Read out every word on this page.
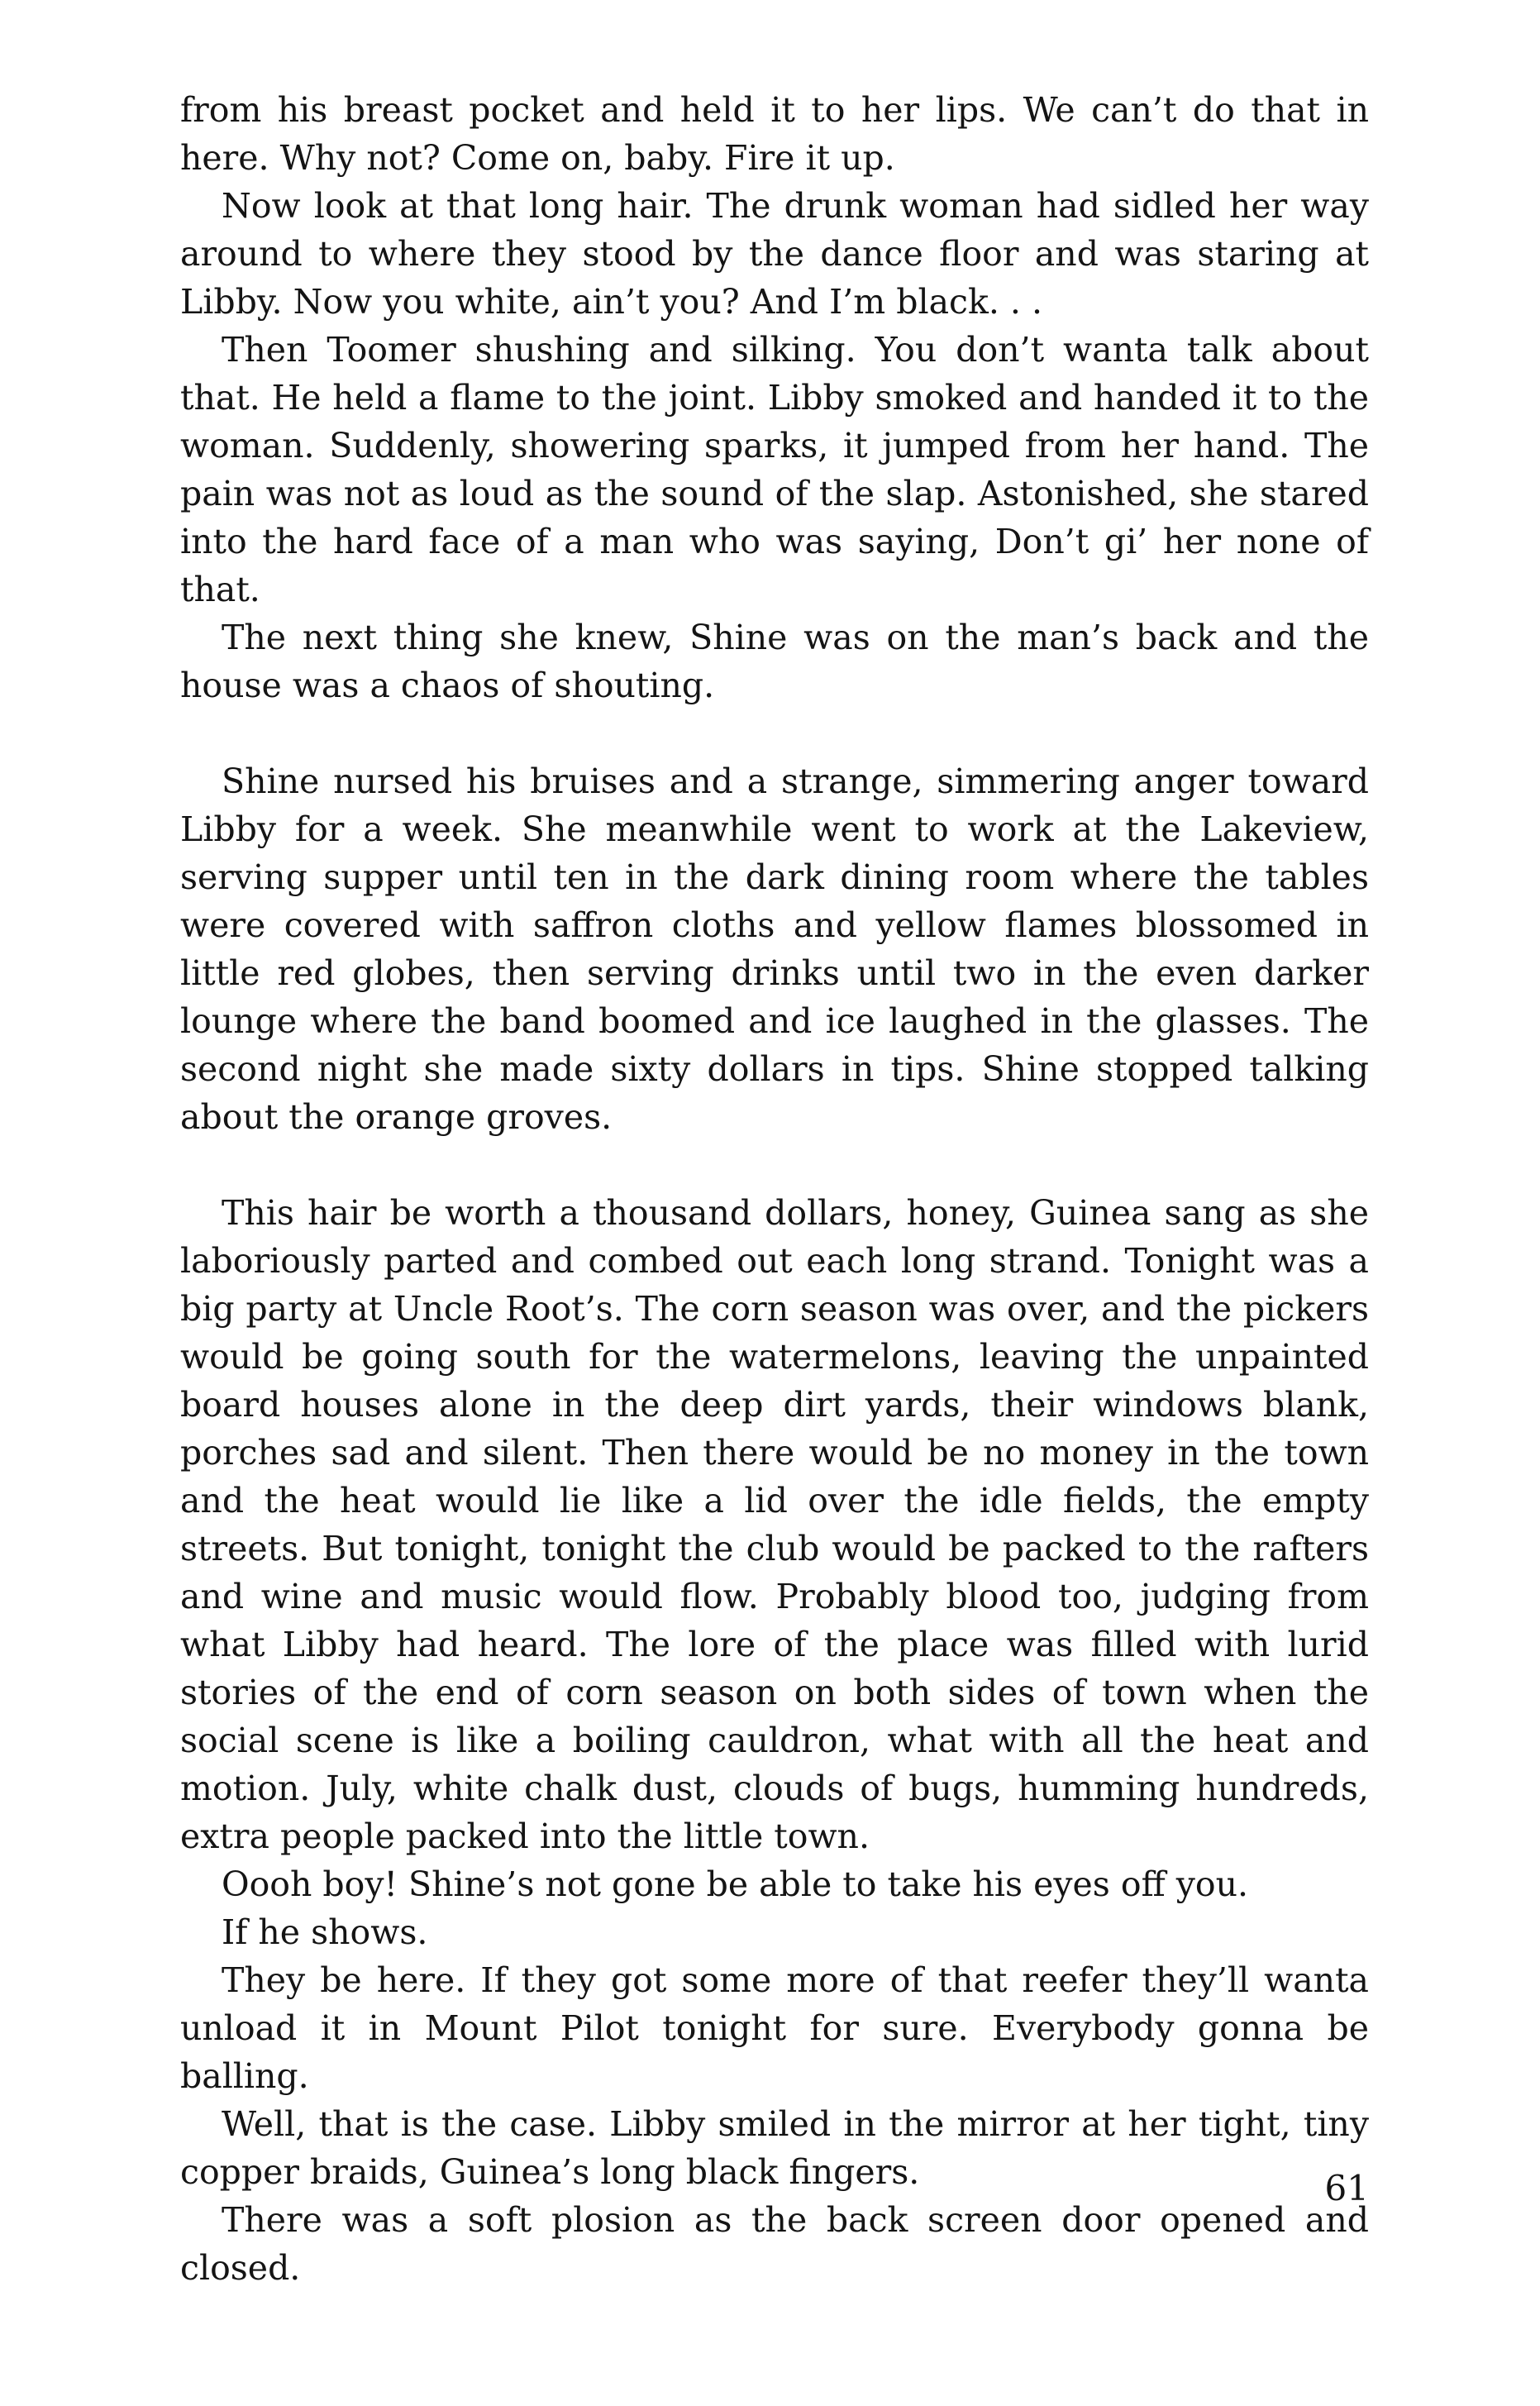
from his breast pocket and held it to her lips. We can’t do that in here. Why not? Come on, baby. Fire it up.

Now look at that long hair. The drunk woman had sidled her way around to where they stood by the dance floor and was staring at Libby. Now you white, ain’t you? And I’m black. . .

Then Toomer shushing and silking. You don’t wanta talk about that. He held a flame to the joint. Libby smoked and handed it to the woman. Suddenly, showering sparks, it jumped from her hand. The pain was not as loud as the sound of the slap. Astonished, she stared into the hard face of a man who was saying, Don’t gi’ her none of that.

The next thing she knew, Shine was on the man’s back and the house was a chaos of shouting.

Shine nursed his bruises and a strange, simmering anger toward Libby for a week. She meanwhile went to work at the Lakeview, serving supper until ten in the dark dining room where the tables were covered with saffron cloths and yellow flames blossomed in little red globes, then serving drinks until two in the even darker lounge where the band boomed and ice laughed in the glasses. The second night she made sixty dollars in tips. Shine stopped talking about the orange groves.

This hair be worth a thousand dollars, honey, Guinea sang as she laboriously parted and combed out each long strand. Tonight was a big party at Uncle Root’s. The corn season was over, and the pickers would be going south for the watermelons, leaving the unpainted board houses alone in the deep dirt yards, their windows blank, porches sad and silent. Then there would be no money in the town and the heat would lie like a lid over the idle fields, the empty streets. But tonight, tonight the club would be packed to the rafters and wine and music would flow. Probably blood too, judging from what Libby had heard. The lore of the place was filled with lurid stories of the end of corn season on both sides of town when the social scene is like a boiling cauldron, what with all the heat and motion. July, white chalk dust, clouds of bugs, humming hundreds, extra people packed into the little town.

Oooh boy! Shine’s not gone be able to take his eyes off you.

If he shows.

They be here. If they got some more of that reefer they’ll wanta unload it in Mount Pilot tonight for sure. Everybody gonna be balling.

Well, that is the case. Libby smiled in the mirror at her tight, tiny copper braids, Guinea’s long black fingers.

There was a soft plosion as the back screen door opened and closed.

61
